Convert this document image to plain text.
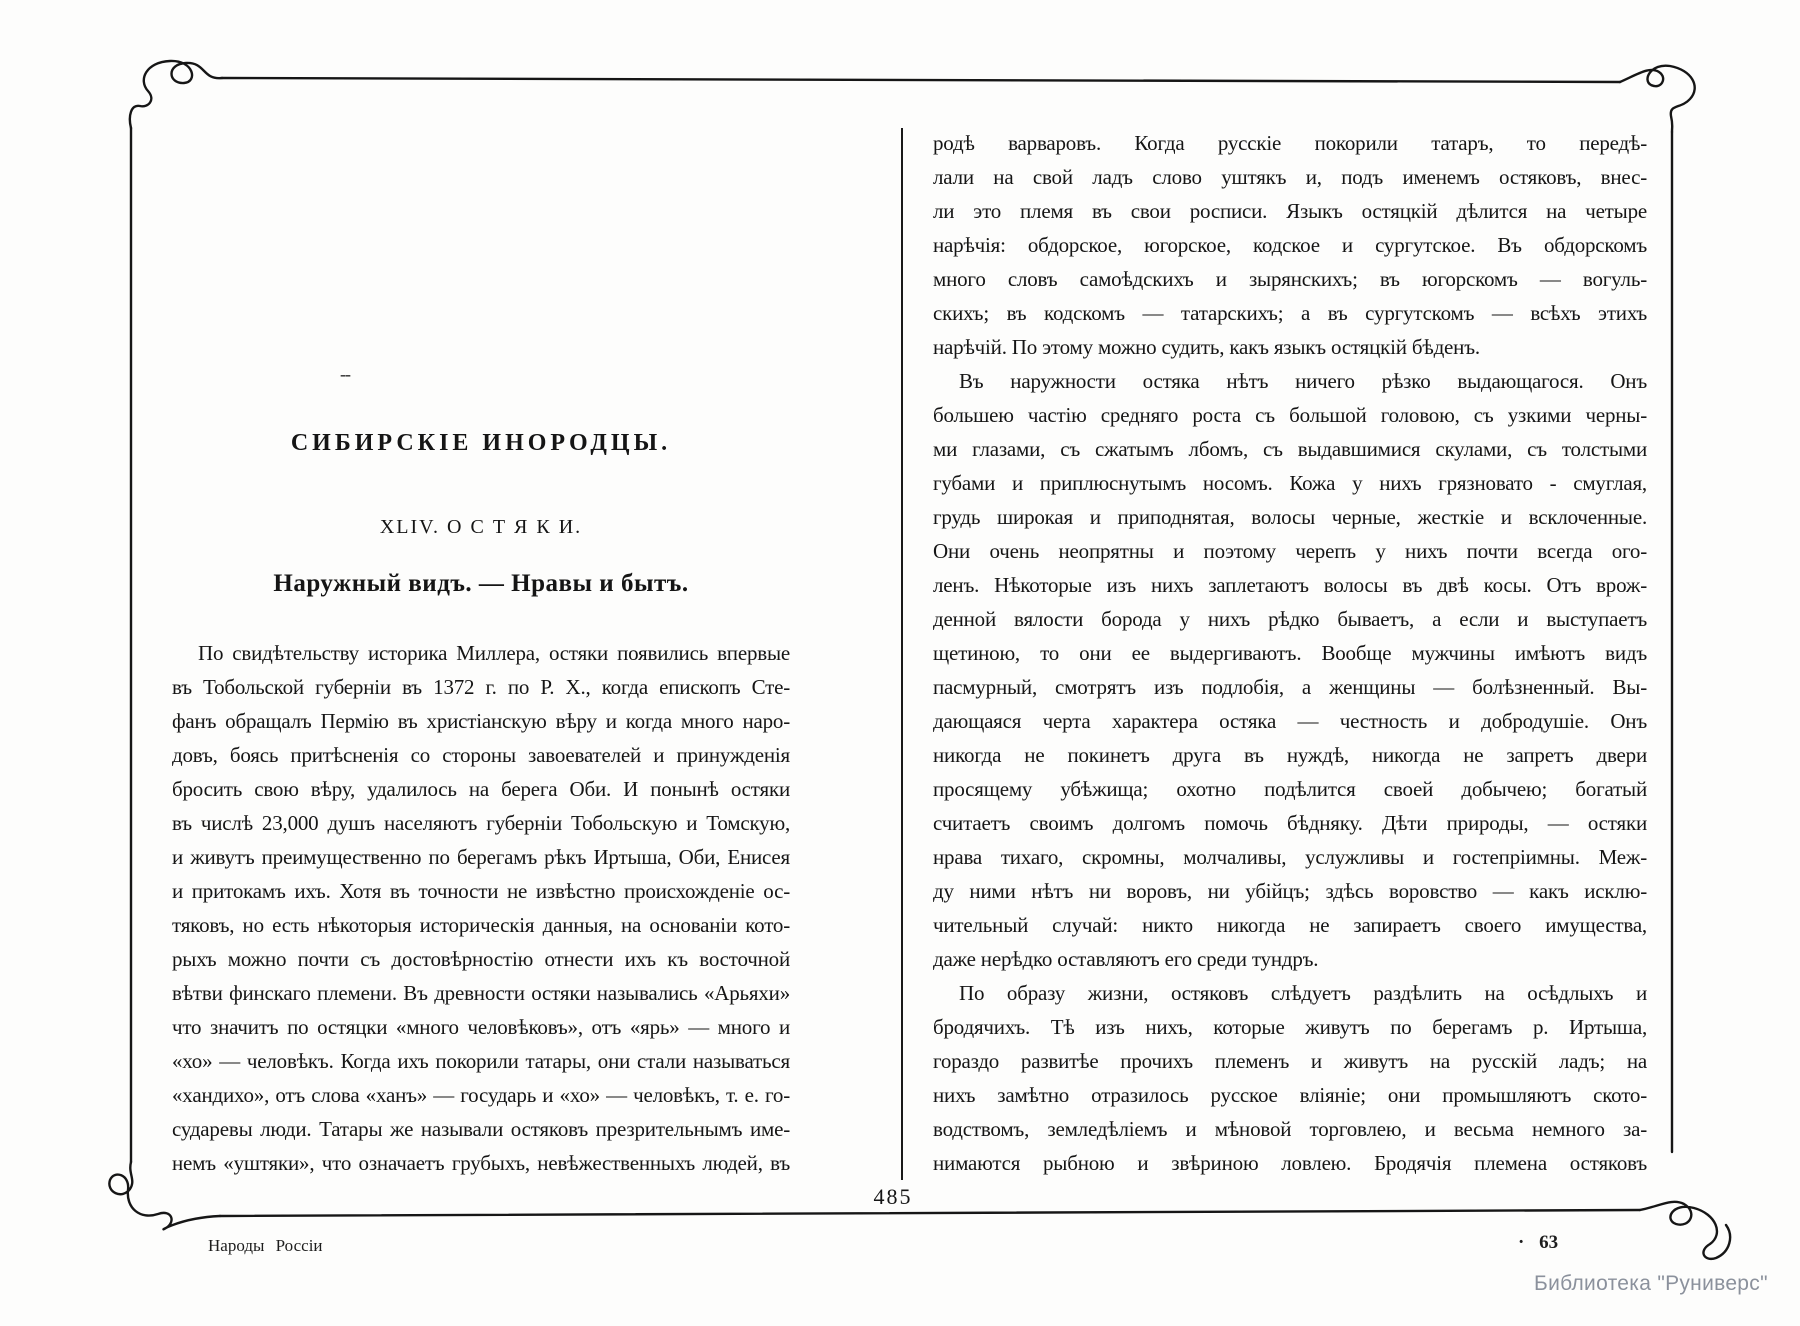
--
СИБИРСКІЕ ИНОРОДЦЫ.
XLIV. О С Т Я К И.
Наружный видъ. — Нравы и бытъ.
По свидѣтельству историка Миллера, остяки появились впервые
въ Тобольской губерніи въ 1372 г. по Р. Х., когда епископъ Сте-
фанъ обращалъ Пермію въ христіанскую вѣру и когда много наро-
довъ, боясь притѣсненія со стороны завоевателей и принужденія
бросить свою вѣру, удалилось на берега Оби. И понынѣ остяки
въ числѣ 23,000 душъ населяютъ губерніи Тобольскую и Томскую,
и живутъ преимущественно по берегамъ рѣкъ Иртыша, Оби, Енисея
и притокамъ ихъ. Хотя въ точности не извѣстно происхожденіе ос-
тяковъ, но есть нѣкоторыя историческія данныя, на основаніи кото-
рыхъ можно почти съ достовѣрностію отнести ихъ къ восточной
вѣтви финскаго племени. Въ древности остяки назывались «Арьяхи»
что значитъ по остяцки «много человѣковъ», отъ «ярь» — много и
«хо» — человѣкъ. Когда ихъ покорили татары, они стали называться
«хандихо», отъ слова «ханъ» — государь и «хо» — человѣкъ, т. е. го-
сударевы люди. Татары же называли остяковъ презрительнымъ име-
немъ «уштяки», что означаетъ грубыхъ, невѣжественныхъ людей, въ
родѣ варваровъ. Когда русскіе покорили татаръ, то передѣ-
лали на свой ладъ слово уштякъ и, подъ именемъ остяковъ, внес-
ли это племя въ свои росписи. Языкъ остяцкій дѣлится на четыре
нарѣчія: обдорское, югорское, кодское и сургутское. Въ обдорскомъ
много словъ самоѣдскихъ и зырянскихъ; въ югорскомъ — вогуль-
скихъ; въ кодскомъ — татарскихъ; а въ сургутскомъ — всѣхъ этихъ
нарѣчій. По этому можно судить, какъ языкъ остяцкій бѣденъ.
Въ наружности остяка нѣтъ ничего рѣзко выдающагося. Онъ
большею частію средняго роста съ большой головою, съ узкими черны-
ми глазами, съ сжатымъ лбомъ, съ выдавшимися скулами, съ толстыми
губами и приплюснутымъ носомъ. Кожа у нихъ грязновато - смуглая,
грудь широкая и приподнятая, волосы черные, жесткіе и всклоченные.
Они очень неопрятны и поэтому черепъ у нихъ почти всегда ого-
ленъ. Нѣкоторые изъ нихъ заплетаютъ волосы въ двѣ косы. Отъ врож-
денной вялости борода у нихъ рѣдко бываетъ, а если и выступаетъ
щетиною, то они ее выдергиваютъ. Вообще мужчины имѣютъ видъ
пасмурный, смотрятъ изъ подлобія, а женщины — болѣзненный. Вы-
дающаяся черта характера остяка — честность и добродушіе. Онъ
никогда не покинетъ друга въ нуждѣ, никогда не запретъ двери
просящему убѣжища; охотно подѣлится своей добычею; богатый
считаетъ своимъ долгомъ помочь бѣдняку. Дѣти природы, — остяки
нрава тихаго, скромны, молчаливы, услужливы и гостепріимны. Меж-
ду ними нѣтъ ни воровъ, ни убійцъ; здѣсь воровство — какъ исклю-
чительный случай: никто никогда не запираетъ своего имущества,
даже нерѣдко оставляютъ его среди тундръ.
По образу жизни, остяковъ слѣдуетъ раздѣлить на осѣдлыхъ и
бродячихъ. Тѣ изъ нихъ, которые живутъ по берегамъ р. Иртыша,
гораздо развитѣе прочихъ племенъ и живутъ на русскій ладъ; на
нихъ замѣтно отразилось русское вліяніе; они промышляютъ ското-
водствомъ, земледѣліемъ и мѣновой торговлею, и весьма немного за-
нимаются рыбною и звѣриною ловлею. Бродячія племена остяковъ
485
Народы Россіи	· 63
Библиотека "Руниверс"
